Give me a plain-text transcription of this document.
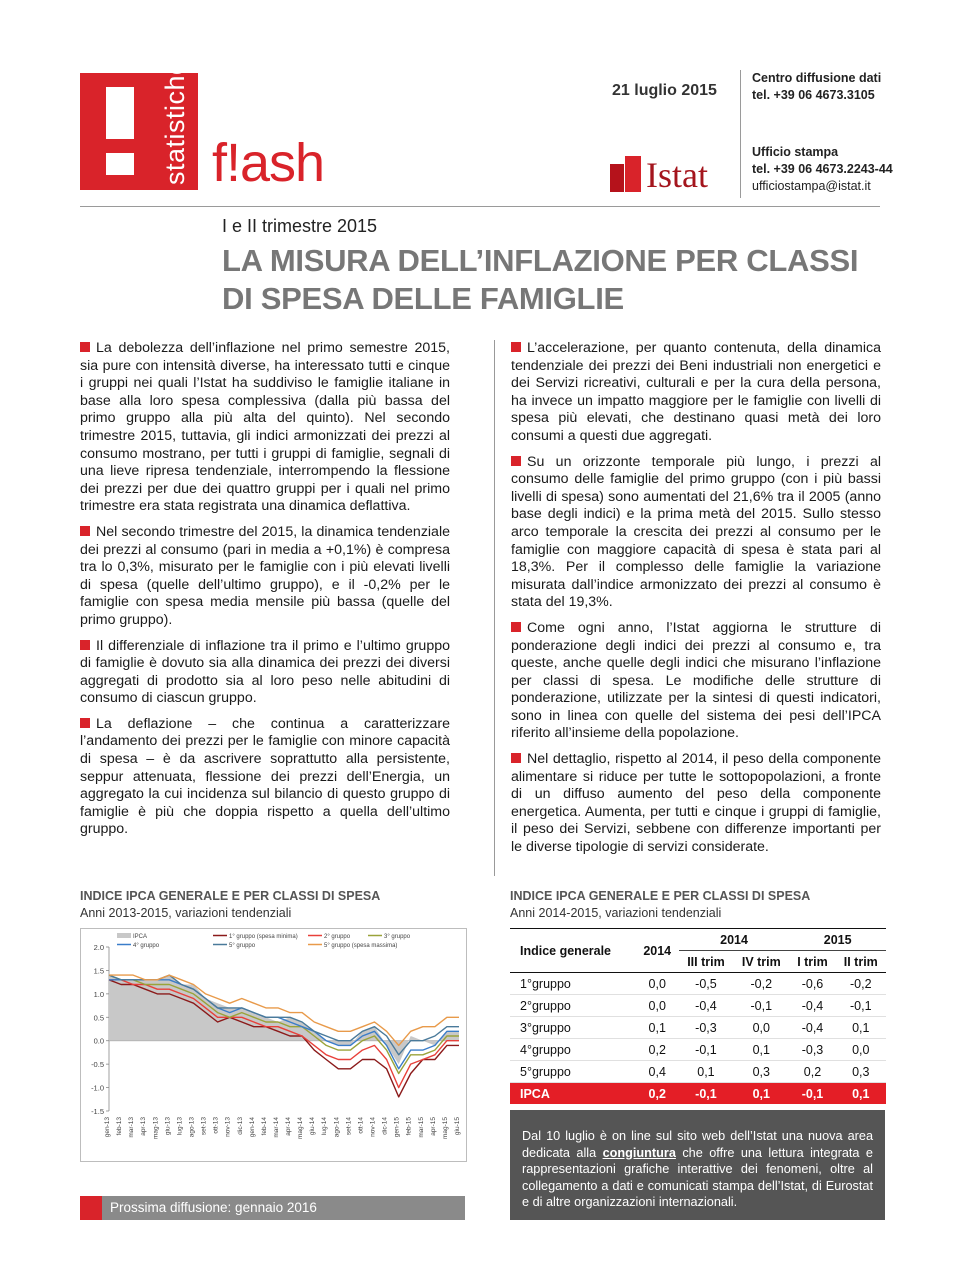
statistiche f!ash
21 luglio 2015
Istat
Centro diffusione dati
tel. +39 06 4673.3105
Ufficio stampa
tel. +39 06 4673.2243-44
ufficiostampa@istat.it
I e II trimestre 2015
LA MISURA DELL’INFLAZIONE PER CLASSI
DI SPESA DELLE FAMIGLIE

La debolezza dell’inflazione nel primo semestre 2015, sia pure con intensità diverse, ha interessato tutti e cinque i gruppi nei quali l’Istat ha suddiviso le famiglie italiane in base alla loro spesa complessiva (dalla più bassa del primo gruppo alla più alta del quinto). Nel secondo trimestre 2015, tuttavia, gli indici armonizzati dei prezzi al consumo mostrano, per tutti i gruppi di famiglie, segnali di una lieve ripresa tendenziale, interrompendo la flessione dei prezzi per due dei quattro gruppi per i quali nel primo trimestre era stata registrata una dinamica deflattiva.

Nel secondo trimestre del 2015, la dinamica tendenziale dei prezzi al consumo (pari in media a +0,1%) è compresa tra lo 0,3%, misurato per le famiglie con i più elevati livelli di spesa (quelle dell’ultimo gruppo), e il -0,2% per le famiglie con spesa media mensile più bassa (quelle del primo gruppo).

Il differenziale di inflazione tra il primo e l’ultimo gruppo di famiglie è dovuto sia alla dinamica dei prezzi dei diversi aggregati di prodotto sia al loro peso nelle abitudini di consumo di ciascun gruppo.

La deflazione – che continua a caratterizzare l’andamento dei prezzi per le famiglie con minore capacità di spesa – è da ascrivere soprattutto alla persistente, seppur attenuata, flessione dei prezzi dell’Energia, un aggregato la cui incidenza sul bilancio di questo gruppo di famiglie è più che doppia rispetto a quella dell’ultimo gruppo.

L’accelerazione, per quanto contenuta, della dinamica tendenziale dei prezzi dei Beni industriali non energetici e dei Servizi ricreativi, culturali e per la cura della persona, ha invece un impatto maggiore per le famiglie con livelli di spesa più elevati, che destinano quasi metà dei loro consumi a questi due aggregati.

Su un orizzonte temporale più lungo, i prezzi al consumo delle famiglie del primo gruppo (con i più bassi livelli di spesa) sono aumentati del 21,6% tra il 2005 (anno base degli indici) e la prima metà del 2015. Sullo stesso arco temporale la crescita dei prezzi al consumo per le famiglie con maggiore capacità di spesa è stata pari al 18,3%. Per il complesso delle famiglie la variazione misurata dall’indice armonizzato dei prezzi al consumo è stata del 19,3%.

Come ogni anno, l’Istat aggiorna le strutture di ponderazione degli indici dei prezzi al consumo e, tra queste, anche quelle degli indici che misurano l’inflazione per classi di spesa. Le modifiche delle strutture di ponderazione, utilizzate per la sintesi di questi indicatori, sono in linea con quelle del sistema dei pesi dell’IPCA riferito all’insieme della popolazione.

Nel dettaglio, rispetto al 2014, il peso della componente alimentare si riduce per tutte le sottopopolazioni, a fronte di un diffuso aumento del peso della componente energetica. Aumenta, per tutti e cinque i gruppi di famiglie, il peso dei Servizi, sebbene con differenze importanti per le diverse tipologie di servizi considerate.

INDICE IPCA GENERALE E PER CLASSI DI SPESA
Anni 2013-2015, variazioni tendenziali
2.0
1.5
1.0
0.5
0.0
-0.5
-1.0
-1.5
gen-13 feb-13 mar-13 apr-13 mag-13 giu-13 lug-13 ago-13 set-13 ott-13 nov-13 dic-13 gen-14 feb-14 mar-14 apr-14 mag-14 giu-14 lug-14 ago-14 set-14 ott-14 nov-14 dic-14 gen-15 feb-15 mar-15 apr-15 mag-15 giu-15
IPCA	1° gruppo (spesa minima)	2° gruppo	3° gruppo
4° gruppo	5° gruppo	5° gruppo (spesa massima)
INDICE IPCA GENERALE E PER CLASSI DI SPESA
Anni 2014-2015, variazioni tendenziali
Indice generale	2014	2014		2015	
		III trim	IV trim	I trim	II trim
1°gruppo	0,0	-0,5	-0,2	-0,6	-0,2
2°gruppo	0,0	-0,4	-0,1	-0,4	-0,1
3°gruppo	0,1	-0,3	0,0	-0,4	0,1
4°gruppo	0,2	-0,1	0,1	-0,3	0,0
5°gruppo	0,4	0,1	0,3	0,2	0,3
IPCA	0,2	-0,1	0,1	-0,1	0,1
Dal 10 luglio è on line sul sito web dell’Istat una nuova area dedicata alla congiuntura che offre una lettura integrata e rappresentazioni grafiche interattive dei fenomeni, oltre al collegamento a dati e comunicati stampa dell’Istat, di Eurostat e di altre organizzazioni internazionali.
Prossima diffusione: gennaio 2016
